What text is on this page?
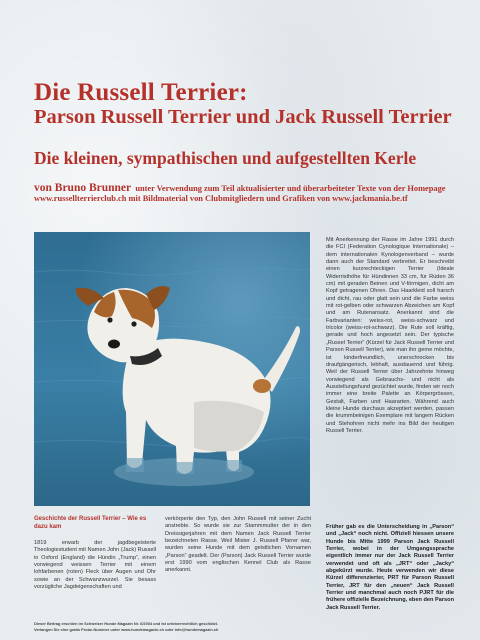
Die Russell Terrier:
Parson Russell Terrier und Jack Russell Terrier
Die kleinen, sympathischen und aufgestellten Kerle
von Bruno Brunner unter Verwendung zum Teil aktualisierter und überarbeiteter Texte von der Homepage www.russellterrierclub.ch mit Bildmaterial von Clubmitgliedern und Grafiken von www.jackmania.be.tf
Mit Anerkennung der Rasse im Jahre 1991 durch die FCI (Federation Cynologique Internationale) – dem internationalen Kynologenverband – wurde dann auch der Standard verbreitet. Er beschreibt einen kurzrechteckigen Terrier (Ideale Widerristhöhe für Hündinnen 33 cm, für Rüden 36 cm) mit geraden Beinen und V-förmigen, dicht am Kopf getragenen Ohren. Das Haarkleid soll harsch und dicht, rau oder glatt sein und die Farbe weiss mit rot-gelben oder schwarzen Abzeichen am Kopf und am Rutenansatz. Anerkannt sind die Farbvarianten: weiss-rot, weiss-schwarz und tricolor (weiss-rot-schwarz). Die Rute soll kräftig, gerade und hoch angesetzt sein. Der typische „Russel Terrier“ (Kürzel für Jack Russell Terrier und Parson Russell Terrier), wie man ihn gerne möchte, ist kinderfreundlich, unerschrocken bis draufgängerisch, lebhaft, ausdauernd und führig. Weil der Russell Terrier über Jahrzehnte hinweg vorwiegend als Gebrauchs- und nicht als Ausstellungshund gezüchtet wurde, finden wir noch immer eine breite Palette an Körpergrössen, Gestalt, Farben und Haararten. Während auch kleine Hunde durchaus akzeptiert werden, passen die krummbeinigen Exemplare mit langem Rücken und Stehohren nicht mehr ins Bild der heutigen Russell Terrier.
Früher gab es die Unterscheidung in „Parson“ und „Jack“ noch nicht. Offiziell hiessen unsere Hunde bis Mitte 1999 Parson Jack Russell Terrier, wobei in der Umgangssprache eigentlich immer nur der Jack Russell Terrier verwendet und oft als „JRT“ oder „Jacky“ abgekürzt wurde. Heute verwenden wir diese Kürzel differenzierter, PRT für Parson Russell Terrier, JRT für den „neuen“ Jack Russell Terrier und manchmal auch noch PJRT für die frühere offizielle Bezeichnung, eben den Parson Jack Russell Terrier.
Geschichte der Russell Terrier – Wie es dazu kam
1819 erwarb der jagdbegeisterte Theologiestudent mit Namen John (Jack) Russell in Oxford (England) die Hündin „Trump“, einen vorwiegend weissen Terrier mit einem lohfarbenen (roten) Fleck über Augen und Ohr sowie an der Schwanzwurzel. Sie besass vorzügliche Jagdeigenschaften und
verkörperte den Typ, den John Russell mit seiner Zucht anstrebte. So wurde sie zur Stammmutter der in den Dreissigerjahren mit dem Namen Jack Russell Terrier bezeichneten Rasse. Weil Mister J. Russell Pfarrer war, wurden seine Hunde mit dem geistlichen Vornamen „Parson“ geadelt. Der (Parson) Jack Russell Terrier wurde erst 1990 vom englischen Kennel Club als Rasse anerkannt.
Dieser Beitrag erschien im Schweizer Hunde Magazin Nr. 6/2004 und ist urheberrechtlich geschützt.
Verlangen Sie eine gratis Probe-Nummer unter www.hundemagazin.ch oder info@hundemagazin.ch
